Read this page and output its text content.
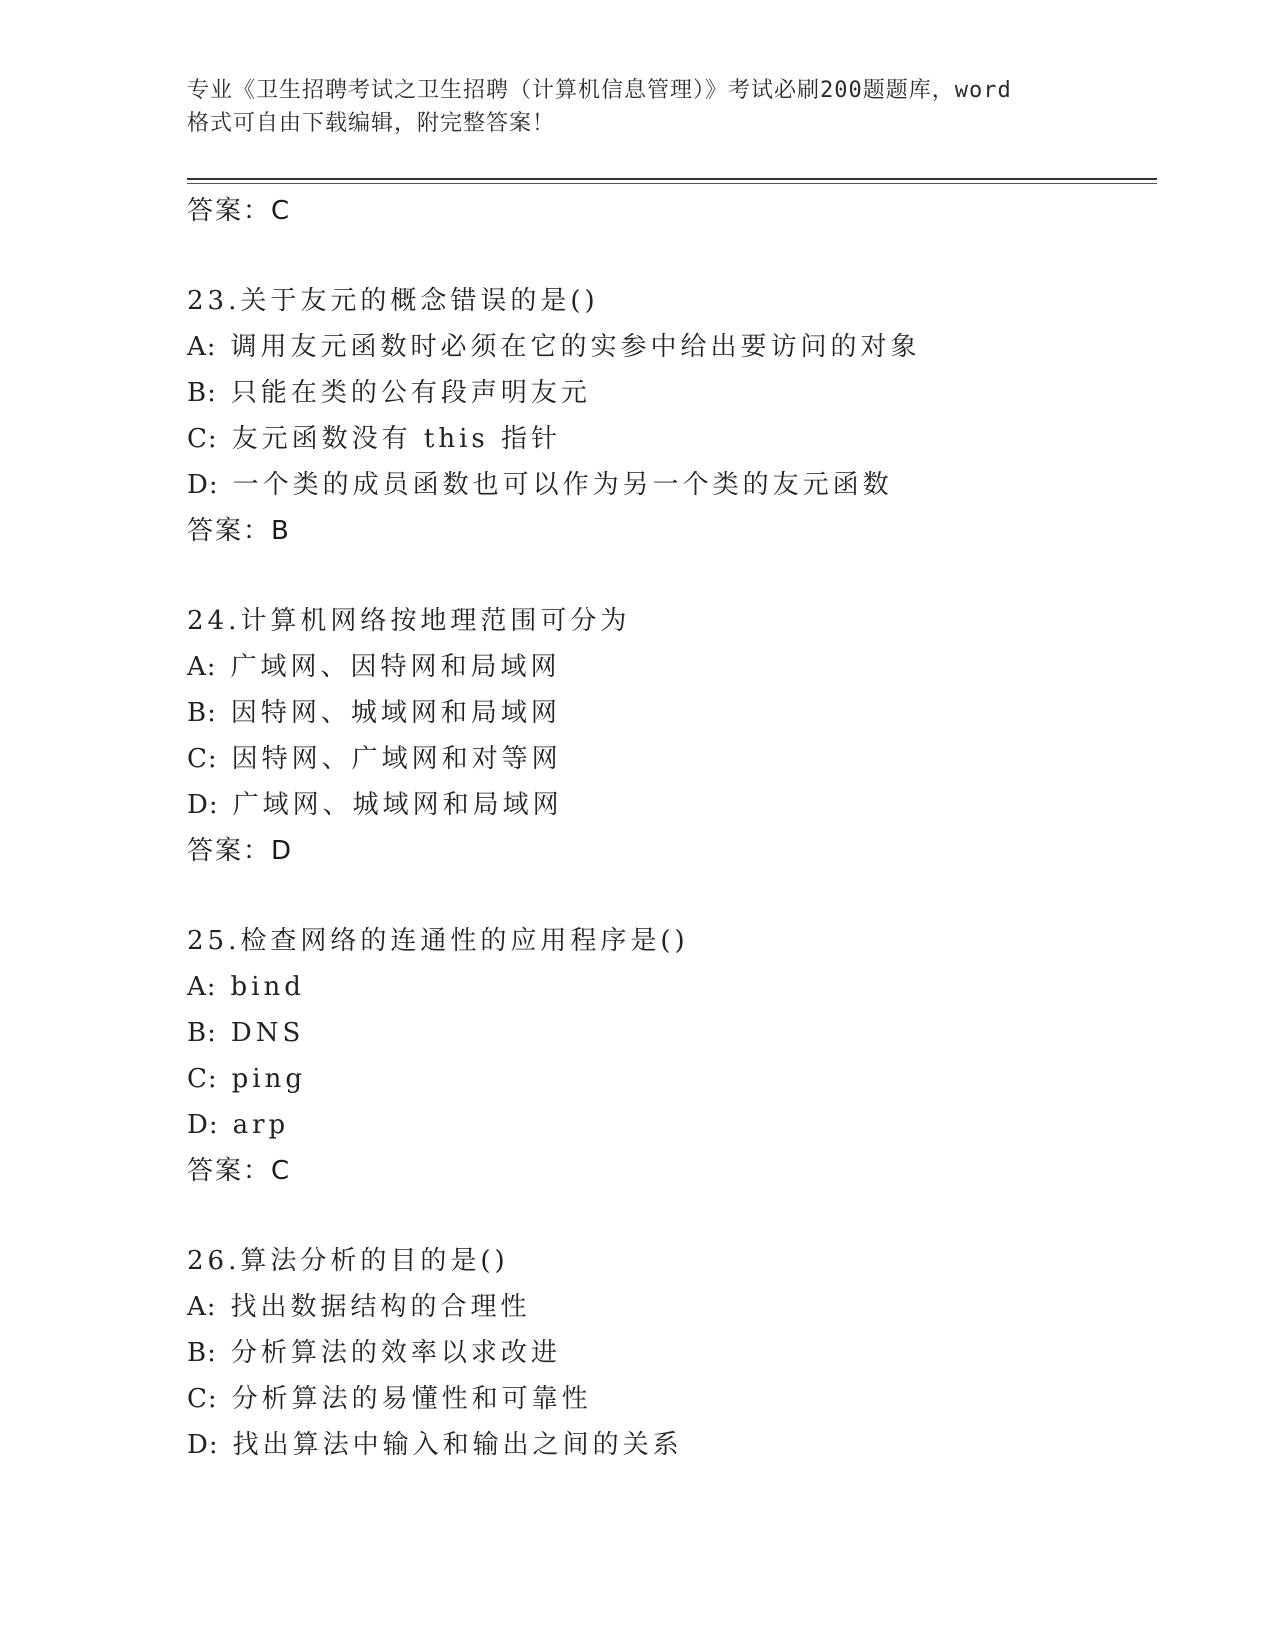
专业《卫生招聘考试之卫生招聘（计算机信息管理）》考试必刷200题题库，word
格式可自由下载编辑，附完整答案！
答案：C
23.关于友元的概念错误的是()
A: 调用友元函数时必须在它的实参中给出要访问的对象
B: 只能在类的公有段声明友元
C: 友元函数没有 this 指针
D: 一个类的成员函数也可以作为另一个类的友元函数
答案：B
24.计算机网络按地理范围可分为
A: 广域网、因特网和局域网
B: 因特网、城域网和局域网
C: 因特网、广域网和对等网
D: 广域网、城域网和局域网
答案：D
25.检查网络的连通性的应用程序是()
A: bind
B: DNS
C: ping
D: arp
答案：C
26.算法分析的目的是()
A: 找出数据结构的合理性
B: 分析算法的效率以求改进
C: 分析算法的易懂性和可靠性
D: 找出算法中输入和输出之间的关系
